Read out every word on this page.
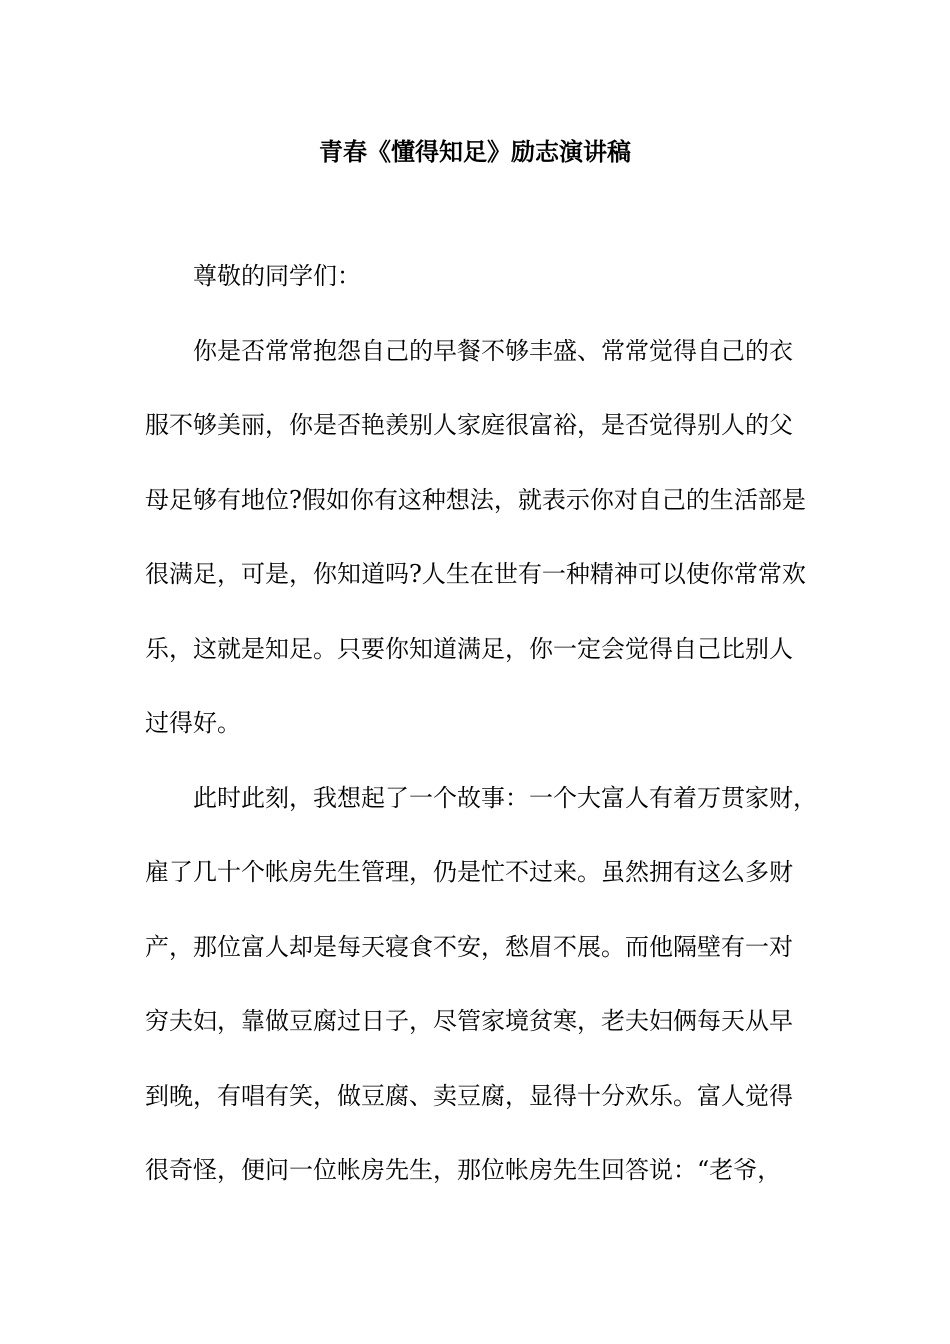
青春《懂得知足》励志演讲稿
尊敬的同学们：
你是否常常抱怨自己的早餐不够丰盛、常常觉得自己的衣
服不够美丽，你是否艳羡别人家庭很富裕，是否觉得别人的父
母足够有地位?假如你有这种想法，就表示你对自己的生活部是
很满足，可是，你知道吗?人生在世有一种精神可以使你常常欢
乐，这就是知足。只要你知道满足，你一定会觉得自己比别人
过得好。
此时此刻，我想起了一个故事：一个大富人有着万贯家财，
雇了几十个帐房先生管理，仍是忙不过来。虽然拥有这么多财
产，那位富人却是每天寝食不安，愁眉不展。而他隔壁有一对
穷夫妇，靠做豆腐过日子，尽管家境贫寒，老夫妇俩每天从早
到晚，有唱有笑，做豆腐、卖豆腐，显得十分欢乐。富人觉得
很奇怪，便问一位帐房先生，那位帐房先生回答说：“老爷，
